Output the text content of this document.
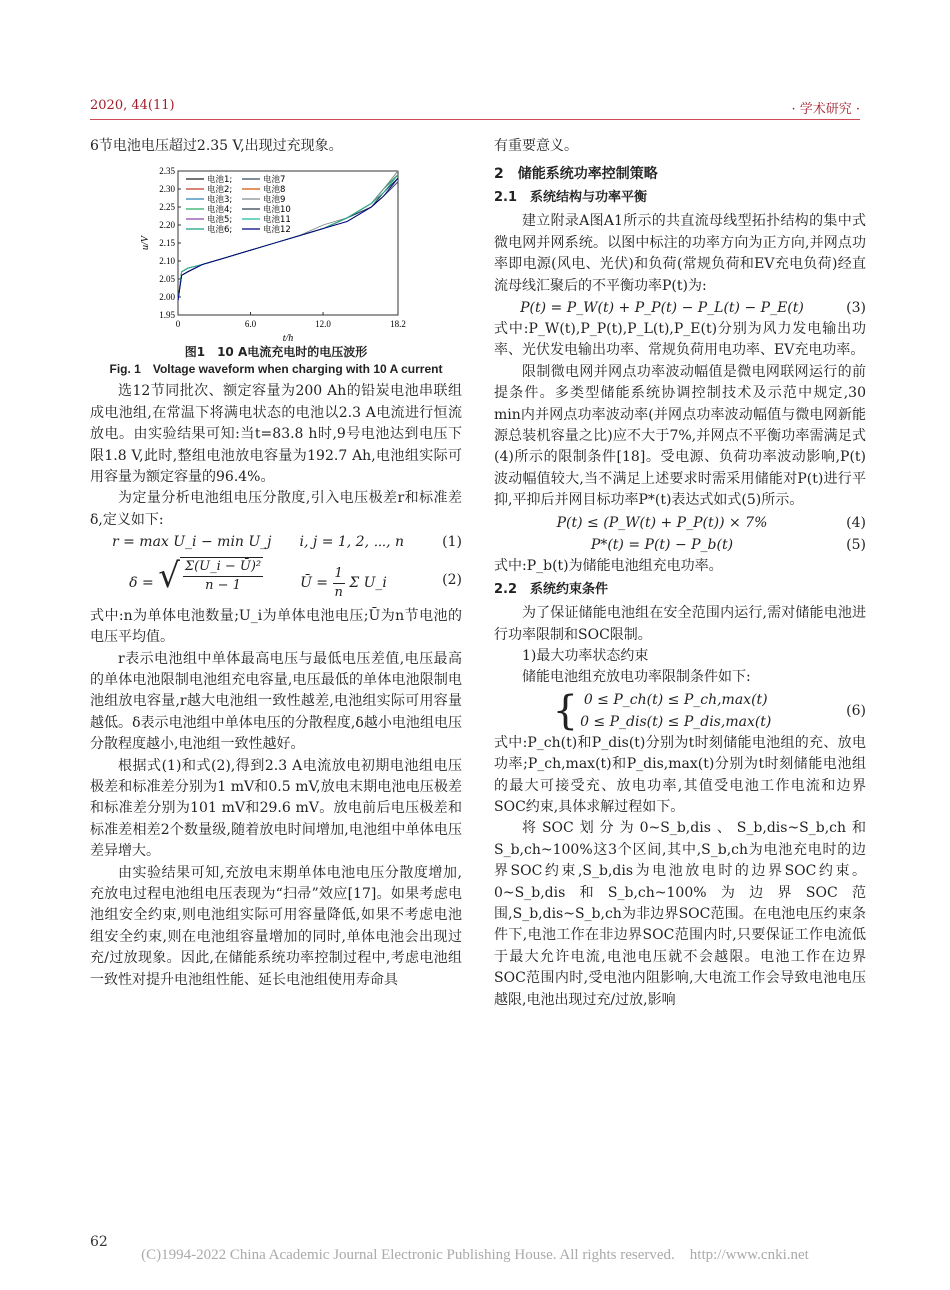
2020, 44(11)	· 学术研究 ·

6节电池电压超过2.35 V,出现过充现象。

1.95
2.00
2.05
2.10
2.15
2.20
2.25
2.30
2.35
0	6.0	12.0	18.2
t/h
u/V
电池1;
电池2;
电池3;
电池4;
电池5;
电池6;
电池7
电池8
电池9
电池10
电池11
电池12
图1　10 A电流充电时的电压波形
Fig. 1　Voltage waveform when charging with 10 A current

选12节同批次、额定容量为200 Ah的铅炭电池串联组成电池组,在常温下将满电状态的电池以2.3 A电流进行恒流放电。由实验结果可知:当t=83.8 h时,9号电池达到电压下限1.8 V,此时,整组电池放电容量为192.7 Ah,电池组实际可用容量为额定容量的96.4%。

为定量分析电池组电压分散度,引入电压极差r和标准差δ,定义如下:

r = max U_i − min U_j　　i, j = 1, 2, ⋯, n	(1)
δ = √ $\frac{\text{Σ(U\_i − Ū)²}}{n - 1}$	Ū = $\frac{1}{n}$ Σ U_i	(2)

式中:n为单体电池数量;U_i为单体电池电压;Ū为n节电池的电压平均值。

r表示电池组中单体最高电压与最低电压差值,电压最高的单体电池限制电池组充电容量,电压最低的单体电池限制电池组放电容量,r越大电池组一致性越差,电池组实际可用容量越低。δ表示电池组中单体电压的分散程度,δ越小电池组电压分散程度越小,电池组一致性越好。

根据式(1)和式(2),得到2.3 A电流放电初期电池组电压极差和标准差分别为1 mV和0.5 mV,放电末期电池电压极差和标准差分别为101 mV和29.6 mV。放电前后电压极差和标准差相差2个数量级,随着放电时间增加,电池组中单体电压差异增大。

由实验结果可知,充放电末期单体电池电压分散度增加,充放电过程电池组电压表现为“扫帚”效应[17]。如果考虑电池组安全约束,则电池组实际可用容量降低,如果不考虑电池组安全约束,则在电池组容量增加的同时,单体电池会出现过充/过放现象。因此,在储能系统功率控制过程中,考虑电池组一致性对提升电池组性能、延长电池组使用寿命具

有重要意义。

2　储能系统功率控制策略
2.1　系统结构与功率平衡

建立附录A图A1所示的共直流母线型拓扑结构的集中式微电网并网系统。以图中标注的功率方向为正方向,并网点功率即电源(风电、光伏)和负荷(常规负荷和EV充电负荷)经直流母线汇聚后的不平衡功率P(t)为:

P(t) = P_W(t) + P_P(t) − P_L(t) − P_E(t)	(3)

式中:P_W(t),P_P(t),P_L(t),P_E(t)分别为风力发电输出功率、光伏发电输出功率、常规负荷用电功率、EV充电功率。

限制微电网并网点功率波动幅值是微电网联网运行的前提条件。多类型储能系统协调控制技术及示范中规定,30 min内并网点功率波动率(并网点功率波动幅值与微电网新能源总装机容量之比)应不大于7%,并网点不平衡功率需满足式(4)所示的限制条件[18]。受电源、负荷功率波动影响,P(t)波动幅值较大,当不满足上述要求时需采用储能对P(t)进行平抑,平抑后并网目标功率P*(t)表达式如式(5)所示。

P(t) ≤ (P_W(t) + P_P(t)) × 7%	(4)
P*(t) = P(t) − P_b(t)	(5)

式中:P_b(t)为储能电池组充电功率。

2.2　系统约束条件

为了保证储能电池组在安全范围内运行,需对储能电池进行功率限制和SOC限制。

1)最大功率状态约束

储能电池组充放电功率限制条件如下:

{ 0 ≤ P_ch(t) ≤ P_ch,max(t)
0 ≤ P_dis(t) ≤ P_dis,max(t)
(6)

式中:P_ch(t)和P_dis(t)分别为t时刻储能电池组的充、放电功率;P_ch,max(t)和P_dis,max(t)分别为t时刻储能电池组的最大可接受充、放电功率,其值受电池工作电流和边界SOC约束,具体求解过程如下。

将SOC划分为0~S_b,dis、S_b,dis~S_b,ch和S_b,ch~100%这3个区间,其中,S_b,ch为电池充电时的边界SOC约束,S_b,dis为电池放电时的边界SOC约束。0~S_b,dis和S_b,ch~100%为边界SOC范围,S_b,dis~S_b,ch为非边界SOC范围。在电池电压约束条件下,电池工作在非边界SOC范围内时,只要保证工作电流低于最大允许电流,电池电压就不会越限。电池工作在边界SOC范围内时,受电池内阻影响,大电流工作会导致电池电压越限,电池出现过充/过放,影响

62
(C)1994-2022 China Academic Journal Electronic Publishing House. All rights reserved.　http://www.cnki.net
